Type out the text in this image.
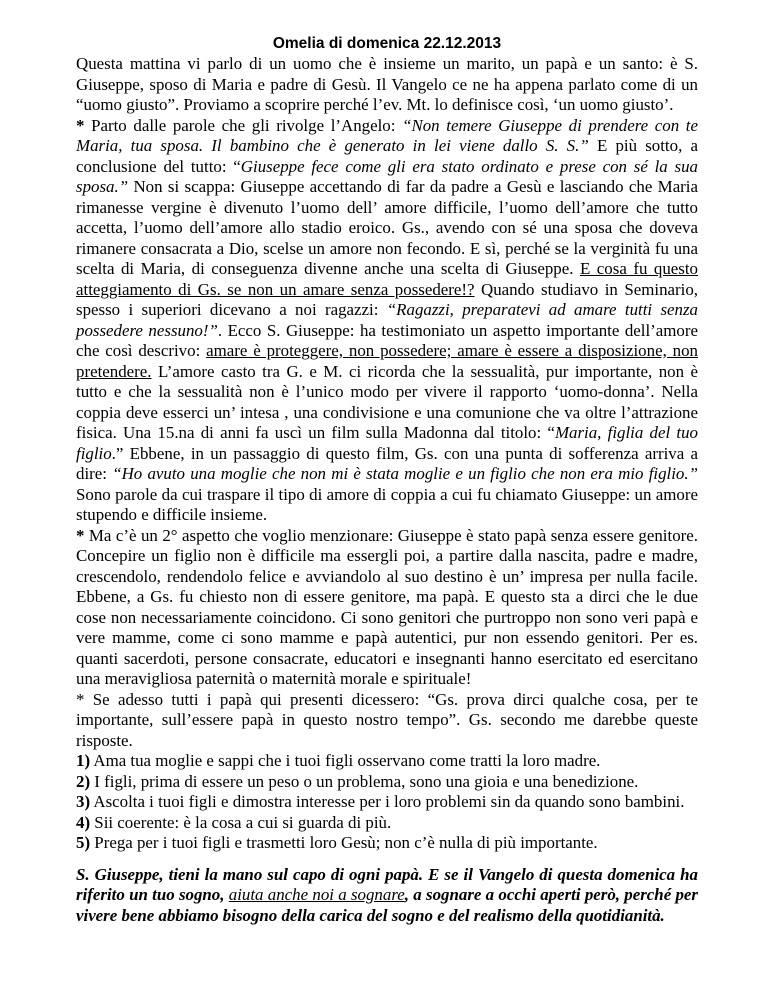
Omelia di domenica 22.12.2013

Questa mattina vi parlo di un uomo che è insieme un marito, un papà e un santo: è S. Giuseppe, sposo di Maria e padre di Gesù. Il Vangelo ce ne ha appena parlato come di un “uomo giusto”. Proviamo a scoprire perché l’ev. Mt. lo definisce così, ‘un uomo giusto’.

* Parto dalle parole che gli rivolge l’Angelo: “Non temere Giuseppe di prendere con te Maria, tua sposa. Il bambino che è generato in lei viene dallo S. S.” E più sotto, a conclusione del tutto: “Giuseppe fece come gli era stato ordinato e prese con sé la sua sposa.” Non si scappa: Giuseppe accettando di far da padre a Gesù e lasciando che Maria rimanesse vergine è divenuto l’uomo dell’ amore difficile, l’uomo dell’amore che tutto accetta, l’uomo dell’amore allo stadio eroico. Gs., avendo con sé una sposa che doveva rimanere consacrata a Dio, scelse un amore non fecondo. E sì, perché se la verginità fu una scelta di Maria, di conseguenza divenne anche una scelta di Giuseppe. E cosa fu questo atteggiamento di Gs. se non un amare senza possedere!? Quando studiavo in Seminario, spesso i superiori dicevano a noi ragazzi: “Ragazzi, preparatevi ad amare tutti senza possedere nessuno!”. Ecco S. Giuseppe: ha testimoniato un aspetto importante dell’amore che così descrivo: amare è proteggere, non possedere; amare è essere a disposizione, non pretendere. L’amore casto tra G. e M. ci ricorda che la sessualità, pur importante, non è tutto e che la sessualità non è l’unico modo per vivere il rapporto ‘uomo-donna’. Nella coppia deve esserci un’ intesa , una condivisione e una comunione che va oltre l’attrazione fisica. Una 15.na di anni fa uscì un film sulla Madonna dal titolo: “Maria, figlia del tuo figlio.” Ebbene, in un passaggio di questo film, Gs. con una punta di sofferenza arriva a dire: “Ho avuto una moglie che non mi è stata moglie e un figlio che non era mio figlio.” Sono parole da cui traspare il tipo di amore di coppia a cui fu chiamato Giuseppe: un amore stupendo e difficile insieme.

* Ma c’è un 2° aspetto che voglio menzionare: Giuseppe è stato papà senza essere genitore. Concepire un figlio non è difficile ma essergli poi, a partire dalla nascita, padre e madre, crescendolo, rendendolo felice e avviandolo al suo destino è un’ impresa per nulla facile. Ebbene, a Gs. fu chiesto non di essere genitore, ma papà. E questo sta a dirci che le due cose non necessariamente coincidono. Ci sono genitori che purtroppo non sono veri papà e vere mamme, come ci sono mamme e papà autentici, pur non essendo genitori. Per es. quanti sacerdoti, persone consacrate, educatori e insegnanti hanno esercitato ed esercitano una meravigliosa paternità o maternità morale e spirituale!

* Se adesso tutti i papà qui presenti dicessero: “Gs. prova dirci qualche cosa, per te importante, sull’essere papà in questo nostro tempo”. Gs. secondo me darebbe queste risposte.

1) Ama tua moglie e sappi che i tuoi figli osservano come tratti la loro madre.

2) I figli, prima di essere un peso o un problema, sono una gioia e una benedizione.

3) Ascolta i tuoi figli e dimostra interesse per i loro problemi sin da quando sono bambini.

4) Sii coerente: è la cosa a cui si guarda di più.

5) Prega per i tuoi figli e trasmetti loro Gesù; non c’è nulla di più importante.

S. Giuseppe, tieni la mano sul capo di ogni papà. E se il Vangelo di questa domenica ha riferito un tuo sogno, aiuta anche noi a sognare, a sognare a occhi aperti però, perché per vivere bene abbiamo bisogno della carica del sogno e del realismo della quotidianità.
